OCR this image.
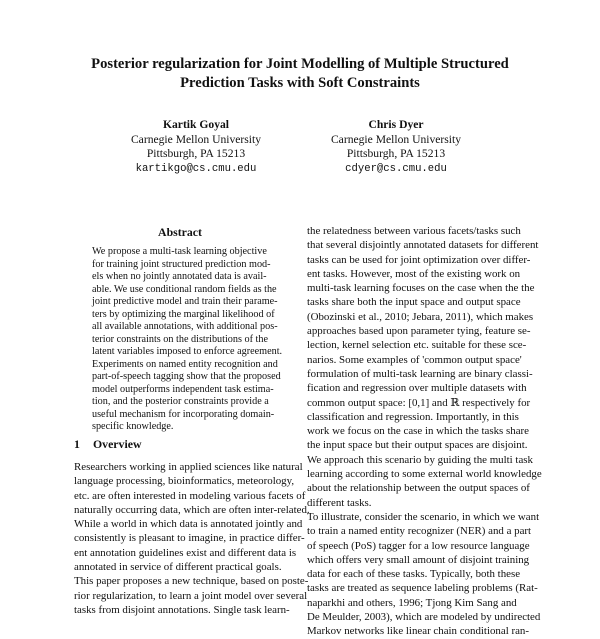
Posterior regularization for Joint Modelling of Multiple Structured
Prediction Tasks with Soft Constraints
Kartik Goyal
Carnegie Mellon University
Pittsburgh, PA 15213
kartikgo@cs.cmu.edu
Chris Dyer
Carnegie Mellon University
Pittsburgh, PA 15213
cdyer@cs.cmu.edu
Abstract
We propose a multi-task learning objective
for training joint structured prediction mod-
els when no jointly annotated data is avail-
able. We use conditional random fields as the
joint predictive model and train their parame-
ters by optimizing the marginal likelihood of
all available annotations, with additional pos-
terior constraints on the distributions of the
latent variables imposed to enforce agreement.
Experiments on named entity recognition and
part-of-speech tagging show that the proposed
model outperforms independent task estima-
tion, and the posterior constraints provide a
useful mechanism for incorporating domain-
specific knowledge.
1 Overview
Researchers working in applied sciences like natural
language processing, bioinformatics, meteorology,
etc. are often interested in modeling various facets of
naturally occurring data, which are often inter-related.
While a world in which data is annotated jointly and
consistently is pleasant to imagine, in practice differ-
ent annotation guidelines exist and different data is
annotated in service of different practical goals.
This paper proposes a new technique, based on poste-
rior regularization, to learn a joint model over several
tasks from disjoint annotations. Single task learn-
the relatedness between various facets/tasks such
that several disjointly annotated datasets for different
tasks can be used for joint optimization over differ-
ent tasks. However, most of the existing work on
multi-task learning focuses on the case when the the
tasks share both the input space and output space
(Obozinski et al., 2010; Jebara, 2011), which makes
approaches based upon parameter tying, feature se-
lection, kernel selection etc. suitable for these sce-
narios. Some examples of 'common output space'
formulation of multi-task learning are binary classi-
fication and regression over multiple datasets with
common output space: [0,1] and ℝ respectively for
classification and regression. Importantly, in this
work we focus on the case in which the tasks share
the input space but their output spaces are disjoint.
We approach this scenario by guiding the multi task
learning according to some external world knowledge
about the relationship between the output spaces of
different tasks.
To illustrate, consider the scenario, in which we want
to train a named entity recognizer (NER) and a part
of speech (PoS) tagger for a low resource language
which offers very small amount of disjoint training
data for each of these tasks. Typically, both these
tasks are treated as sequence labeling problems (Rat-
naparkhi and others, 1996; Tjong Kim Sang and
De Meulder, 2003), which are modeled by undirected
Markov networks like linear chain conditional ran-
